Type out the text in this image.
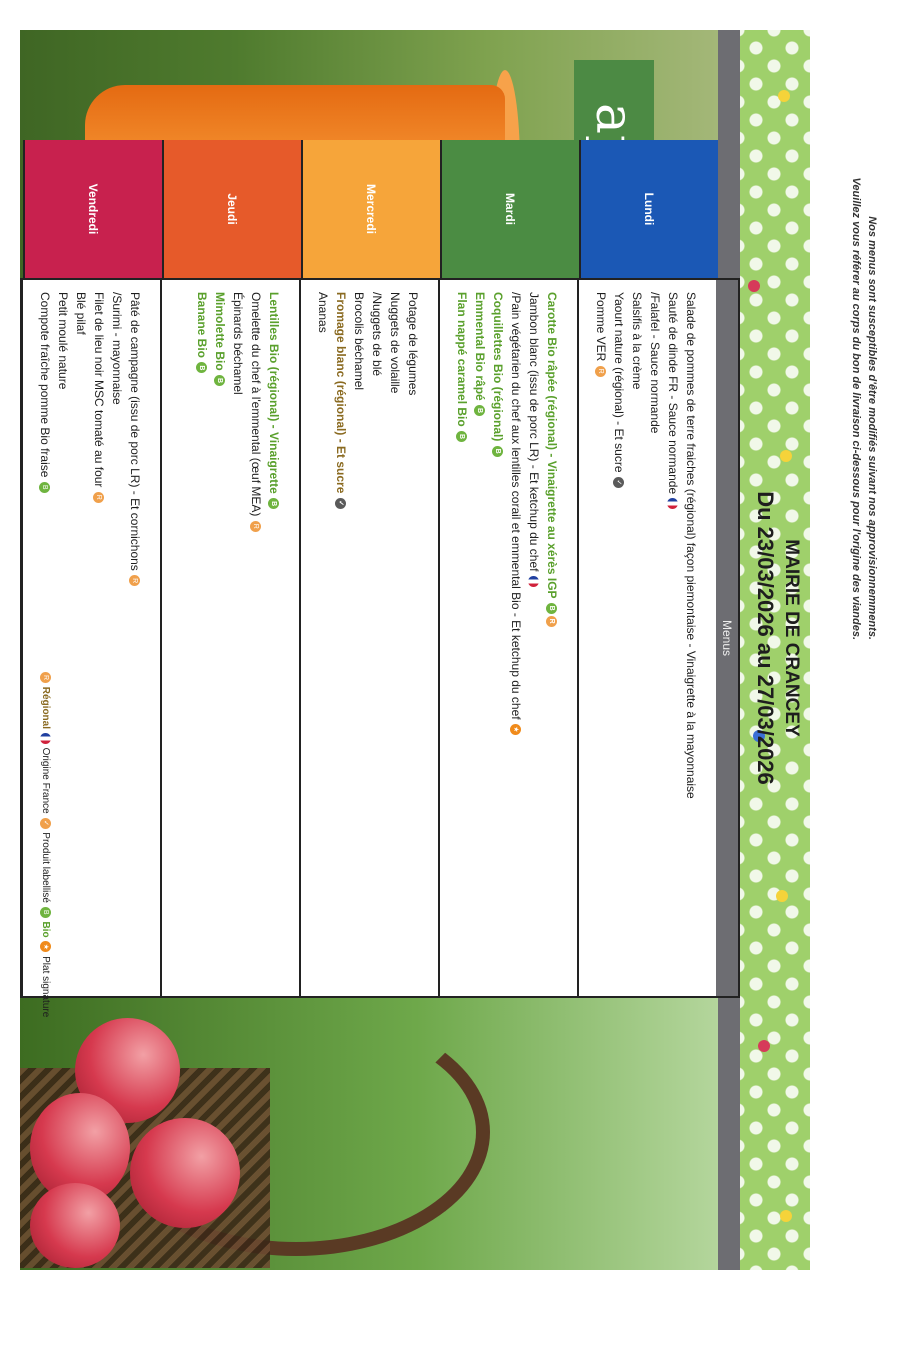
MAIRIE DE CRANCEY
Du 23/03/2026 au 27/03/2026
Menus
Salade de pommes de terre fraiches (régional) façon piemontaise - Vinaigrette à la mayonnaise
Sauté de dinde FR - Sauce normande
/Falafel - Sauce normande
Salsifis à la crème
Yaourt nature (régional) - Et sucre ✓
Pomme VER R
Carotte Bio râpée (régional) - Vinaigrette au xérès IGP BR
Jambon blanc (issu de porc LR) - Et ketchup du chef
/Pain végétarien du chef aux lentilles corail et emmental Bio - Et ketchup du chef ★
Coquillettes Bio (régional) B
Emmental Bio râpé B
Flan nappé caramel Bio B
Potage de légumes
Nuggets de volaille
/Nuggets de blé
Brocolis béchamel
Fromage blanc (régional) - Et sucre ✓
Ananas
Lentilles Bio (régional) - Vinaigrette B
Omelette du chef à l'emmental (œuf MEA) R
Épinards béchamel
Mimolette Bio B
Banane Bio B
Pâté de campagne (issu de porc LR) - Et cornichons R
/Surimi - mayonnaise
Filet de lieu noir MSC tomaté au four R
Blé pilaf
Petit moulé nature
Compote fraîche pomme Bio fraise B
Lundi
Mardi
Mercredi
Jeudi
Vendredi
R Régional  Origine France ✓ Produit labellisé B Bio ★ Plat signature
Nos menus sont susceptibles d'être modifiés suivant nos approvisionnemments.
Veuillez vous référer au corps du bon de livraison ci-dessous pour l'origine des viandes.
